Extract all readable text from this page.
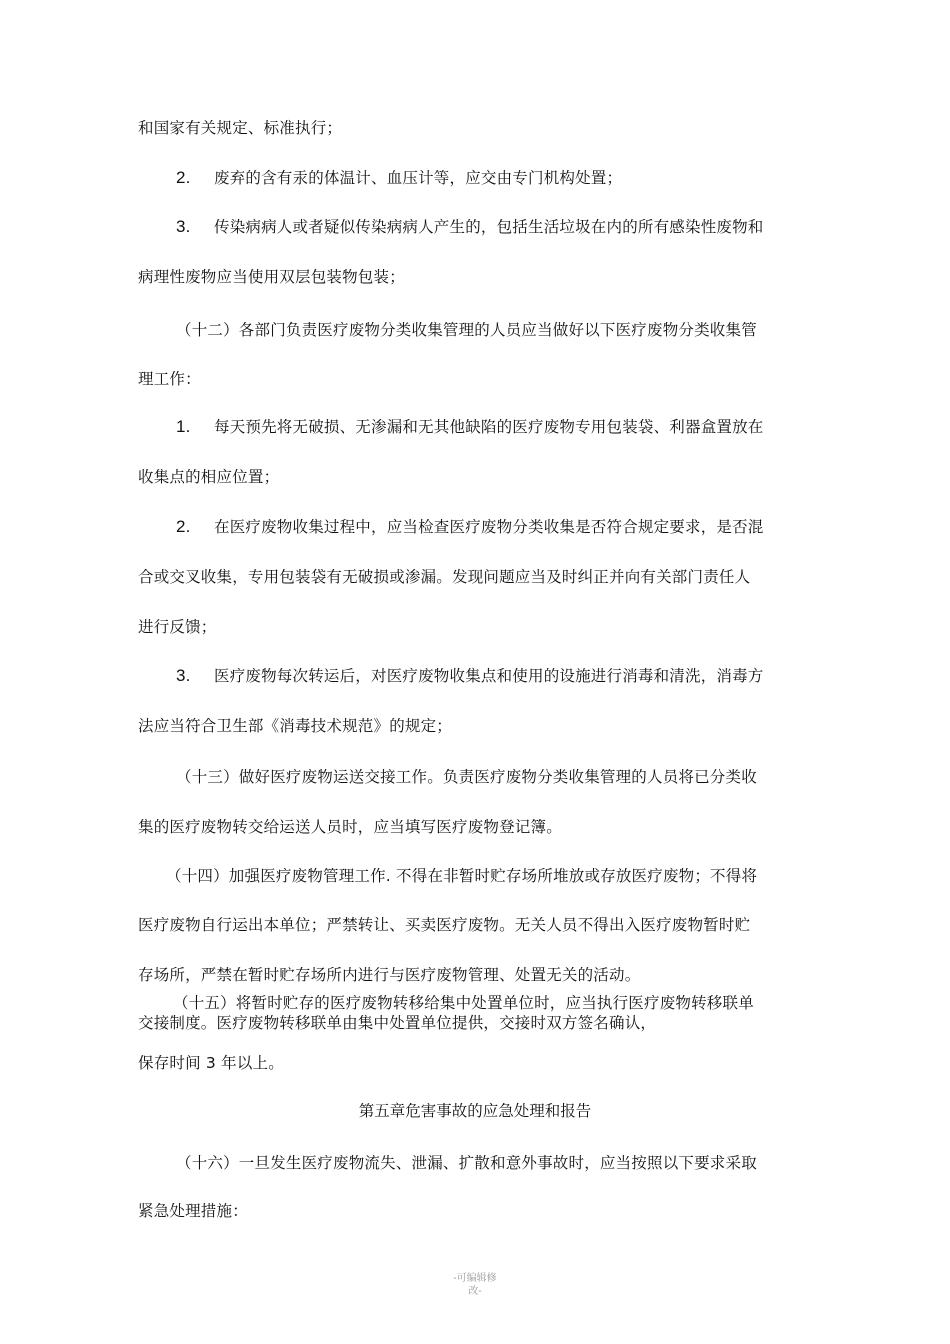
和国家有关规定、标准执行；
2. 废弃的含有汞的体温计、血压计等，应交由专门机构处置；
3. 传染病病人或者疑似传染病病人产生的，包括生活垃圾在内的所有感染性废物和
病理性废物应当使用双层包装物包装；
（十二）各部门负责医疗废物分类收集管理的人员应当做好以下医疗废物分类收集管
理工作：
1. 每天预先将无破损、无渗漏和无其他缺陷的医疗废物专用包装袋、利器盒置放在
收集点的相应位置；
2. 在医疗废物收集过程中，应当检查医疗废物分类收集是否符合规定要求，是否混
合或交叉收集，专用包装袋有无破损或渗漏。发现问题应当及时纠正并向有关部门责任人
进行反馈；
3. 医疗废物每次转运后，对医疗废物收集点和使用的设施进行消毒和清洗，消毒方
法应当符合卫生部《消毒技术规范》的规定；
（十三）做好医疗废物运送交接工作。负责医疗废物分类收集管理的人员将已分类收
集的医疗废物转交给运送人员时，应当填写医疗废物登记簿。
（十四）加强医疗废物管理工作. 不得在非暂时贮存场所堆放或存放医疗废物；不得将
医疗废物自行运出本单位；严禁转让、买卖医疗废物。无关人员不得出入医疗废物暂时贮
存场所，严禁在暂时贮存场所内进行与医疗废物管理、处置无关的活动。
（十五）将暂时贮存的医疗废物转移给集中处置单位时，应当执行医疗废物转移联单
交接制度。医疗废物转移联单由集中处置单位提供，交接时双方签名确认，
保存时间 3 年以上。
第五章危害事故的应急处理和报告
（十六）一旦发生医疗废物流失、泄漏、扩散和意外事故时，应当按照以下要求采取
紧急处理措施：
-可编辑修
改-
